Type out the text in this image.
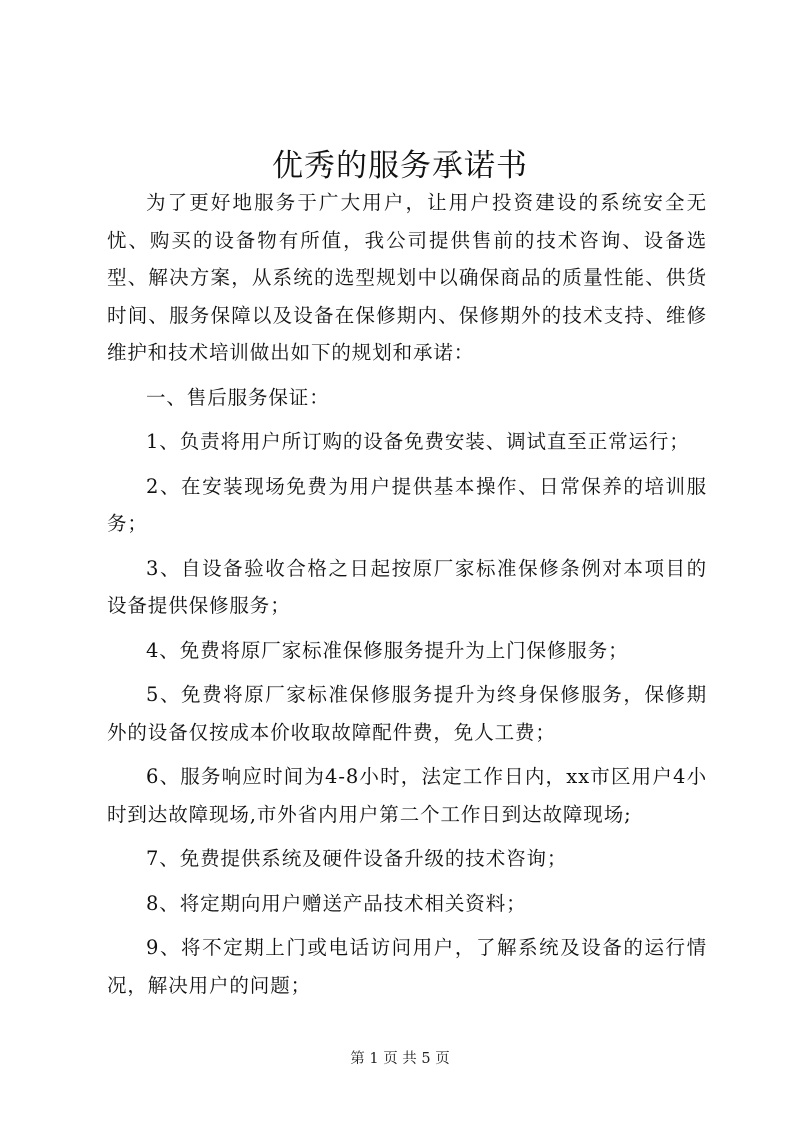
优秀的服务承诺书

为了更好地服务于广大用户，让用户投资建设的系统安全无忧、购买的设备物有所值，我公司提供售前的技术咨询、设备选型、解决方案，从系统的选型规划中以确保商品的质量性能、供货时间、服务保障以及设备在保修期内、保修期外的技术支持、维修维护和技术培训做出如下的规划和承诺：

一、售后服务保证：

1、负责将用户所订购的设备免费安装、调试直至正常运行；

2、在安装现场免费为用户提供基本操作、日常保养的培训服务；

3、自设备验收合格之日起按原厂家标准保修条例对本项目的设备提供保修服务；

4、免费将原厂家标准保修服务提升为上门保修服务；

5、免费将原厂家标准保修服务提升为终身保修服务，保修期外的设备仅按成本价收取故障配件费，免人工费；

6、服务响应时间为4-8小时，法定工作日内，xx市区用户4小时到达故障现场,市外省内用户第二个工作日到达故障现场;

7、免费提供系统及硬件设备升级的技术咨询；

8、将定期向用户赠送产品技术相关资料；

9、将不定期上门或电话访问用户，了解系统及设备的运行情况，解决用户的问题；

第 1 页 共 5 页
